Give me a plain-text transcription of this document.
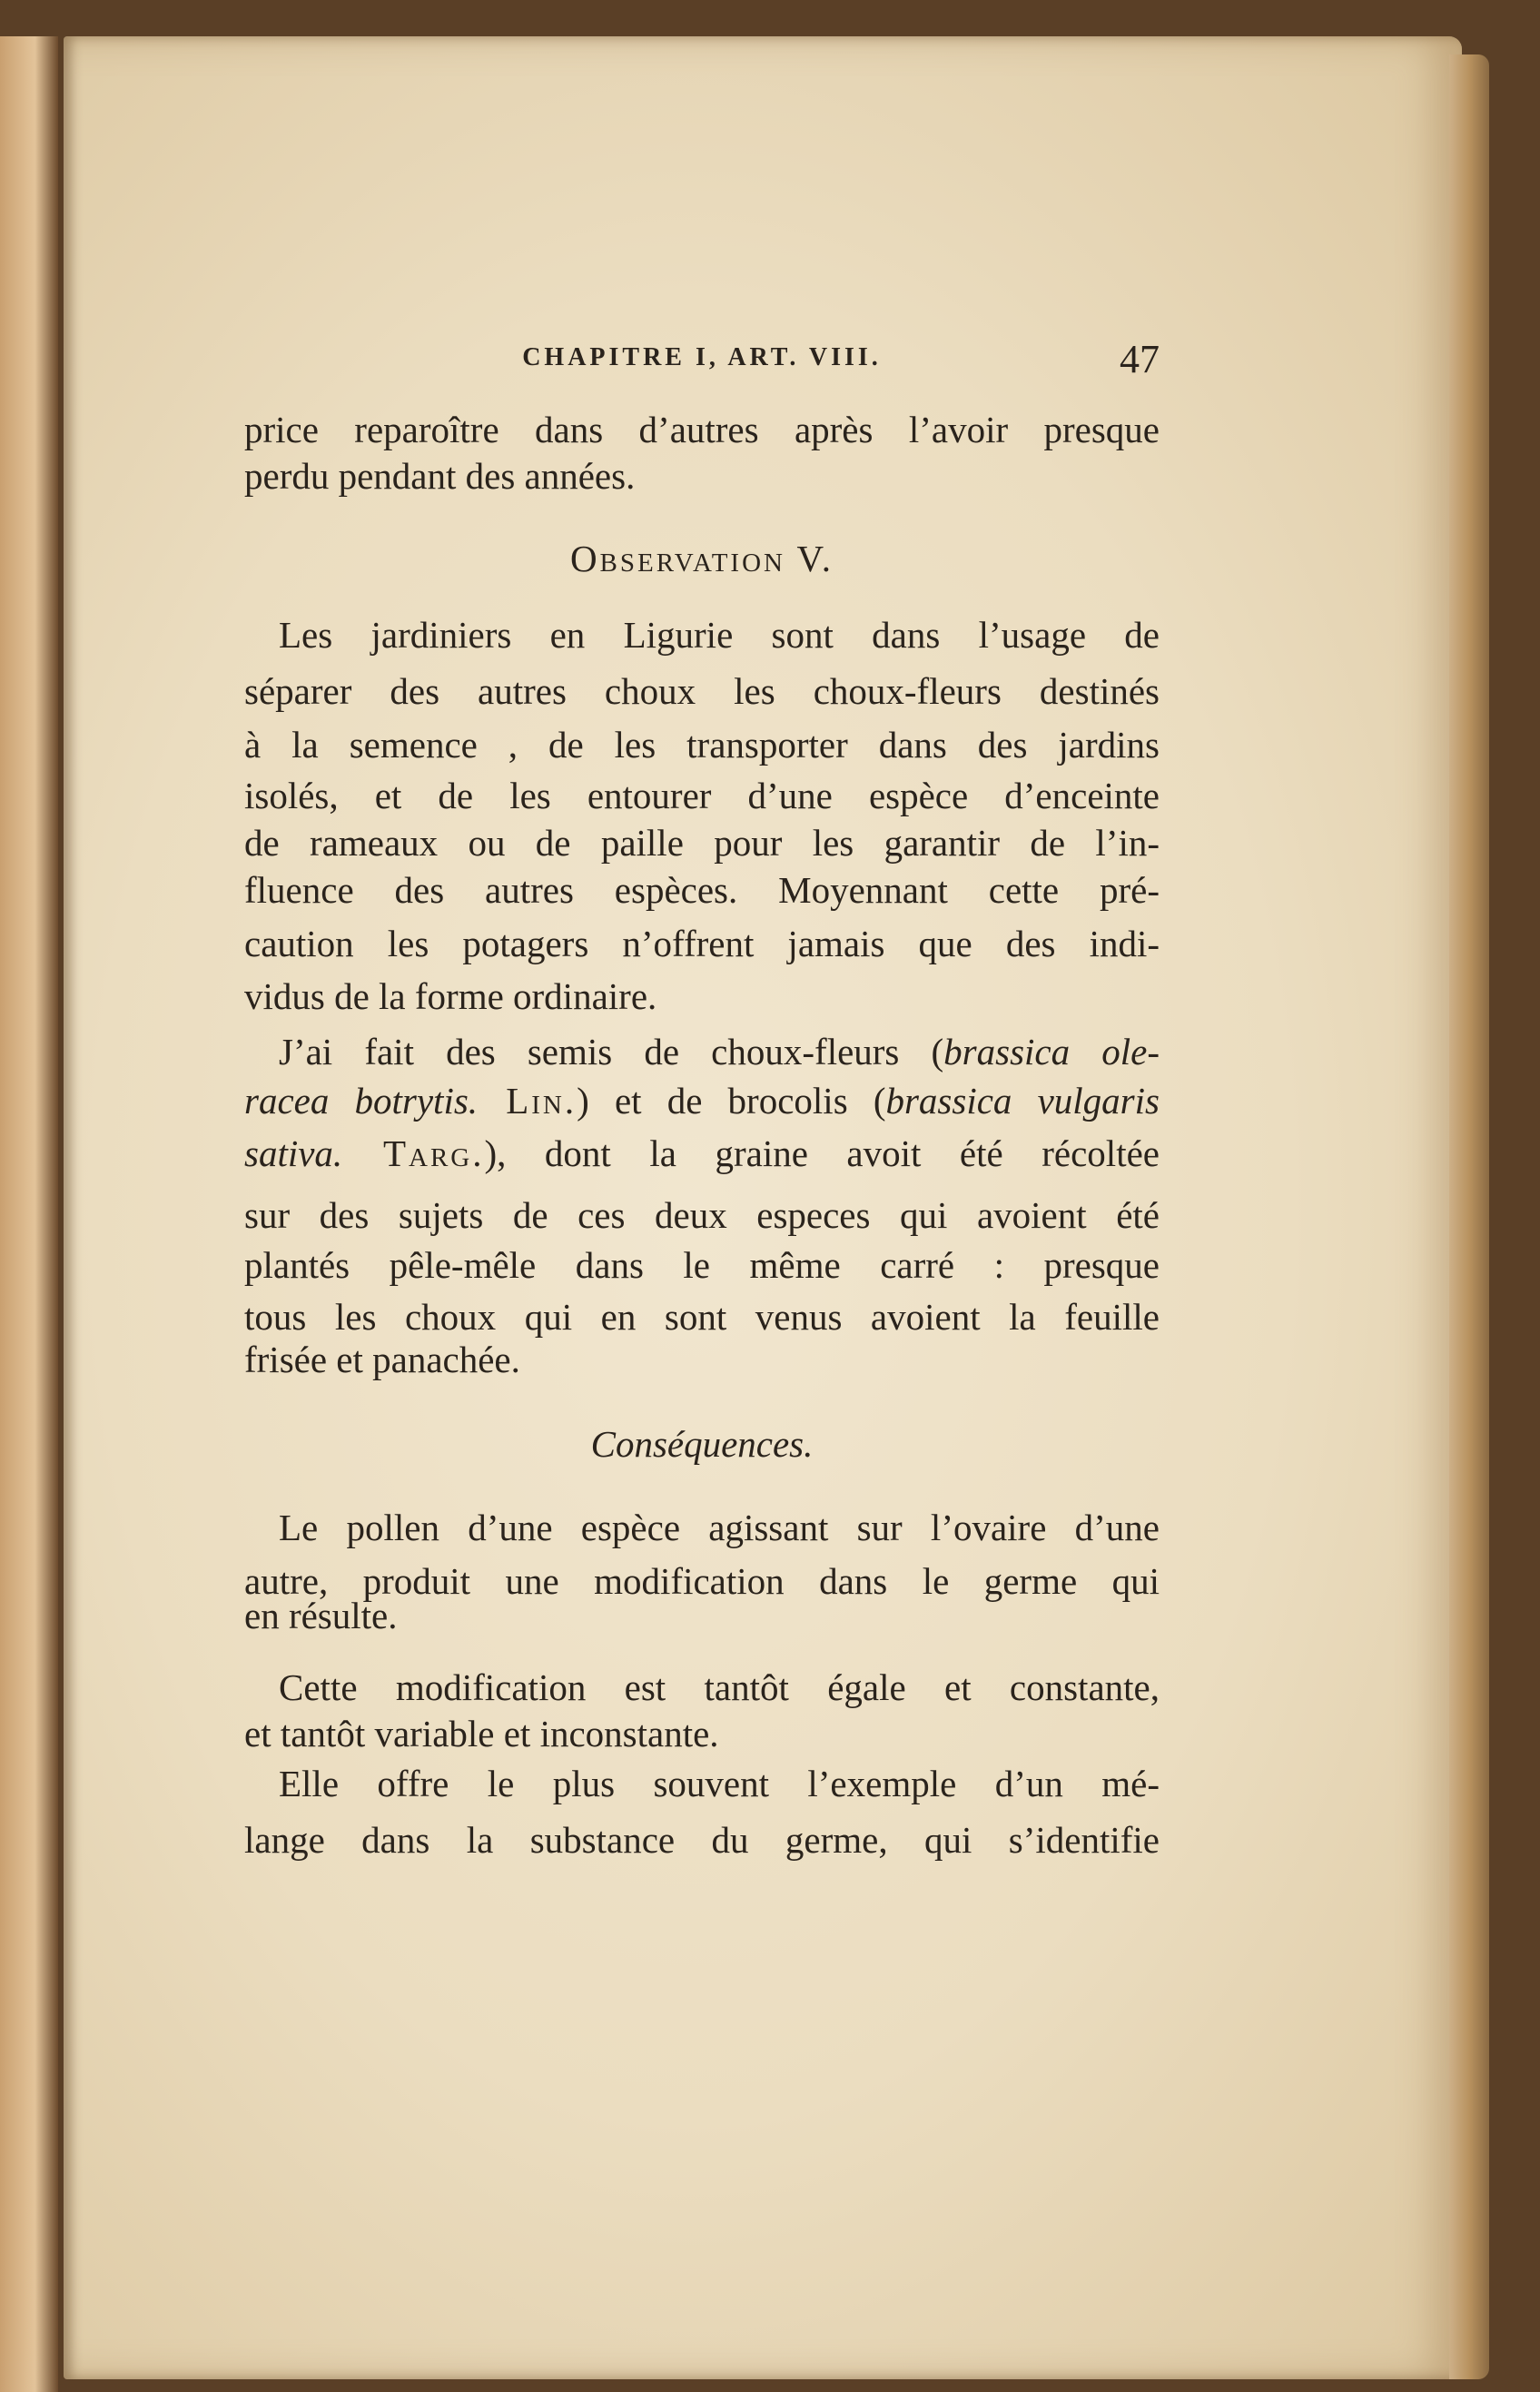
CHAPITRE I, ART. VIII.	47
price reparoître dans d’autres après l’avoir presque
perdu pendant des années.
Observation V.
Les jardiniers en Ligurie sont dans l’usage de
séparer des autres choux les choux-fleurs destinés
à la semence , de les transporter dans des jardins
isolés, et de les entourer d’une espèce d’enceinte
de rameaux ou de paille pour les garantir de l’in-
fluence des autres espèces. Moyennant cette pré-
caution les potagers n’offrent jamais que des indi-
vidus de la forme ordinaire.
J’ai fait des semis de choux-fleurs (brassica ole-
racea botrytis. Lin.) et de brocolis (brassica vulgaris
sativa. Targ.), dont la graine avoit été récoltée
sur des sujets de ces deux especes qui avoient été
plantés pêle-mêle dans le même carré : presque
tous les choux qui en sont venus avoient la feuille
frisée et panachée.
Conséquences.
Le pollen d’une espèce agissant sur l’ovaire d’une
autre, produit une modification dans le germe qui
en résulte.
Cette modification est tantôt égale et constante,
et tantôt variable et inconstante.
Elle offre le plus souvent l’exemple d’un mé-
lange dans la substance du germe, qui s’identifie
